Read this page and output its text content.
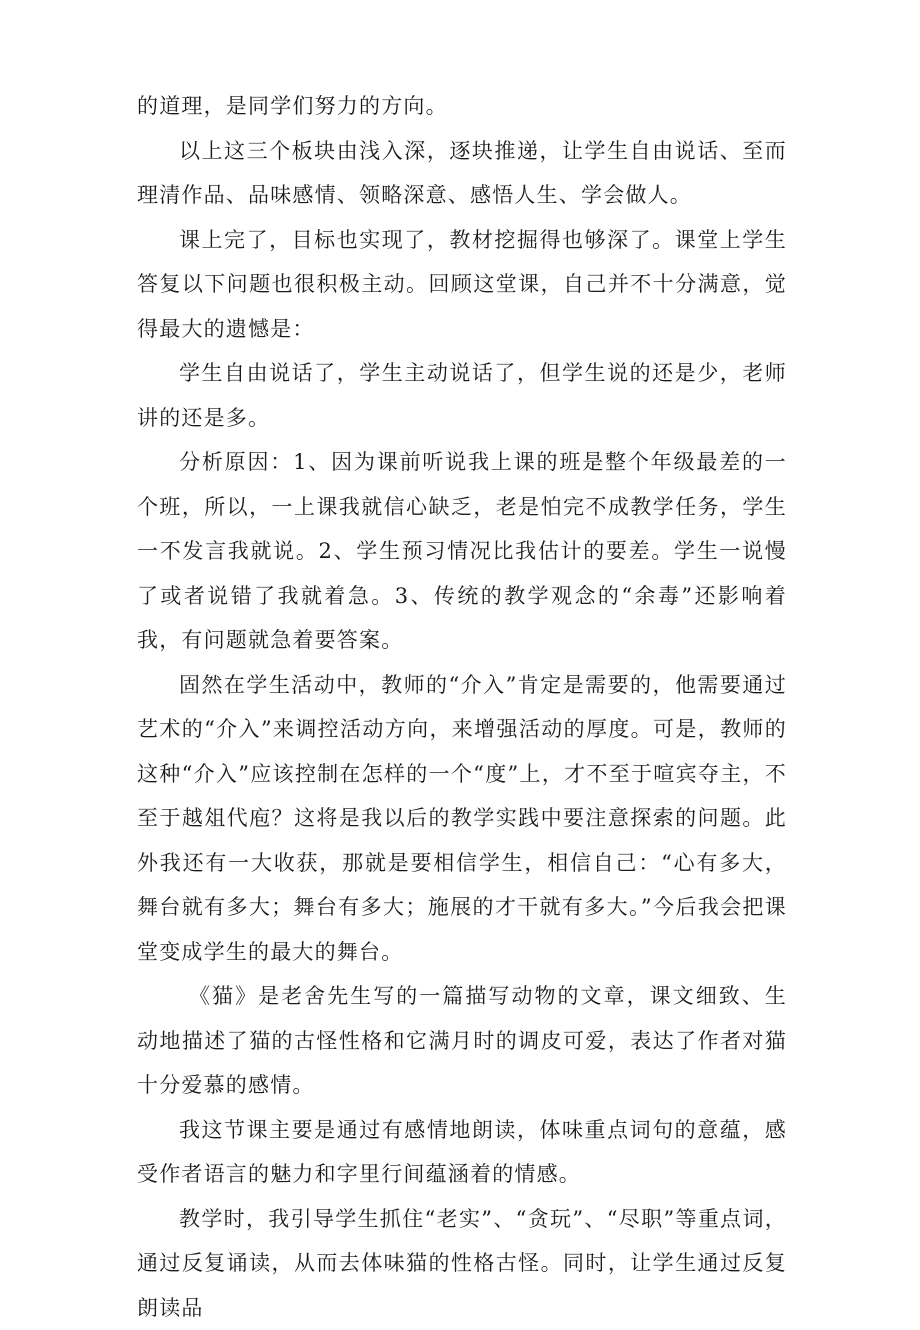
的道理，是同学们努力的方向。

以上这三个板块由浅入深，逐块推递，让学生自由说话、至而理清作品、品味感情、领略深意、感悟人生、学会做人。

课上完了，目标也实现了，教材挖掘得也够深了。课堂上学生答复以下问题也很积极主动。回顾这堂课，自己并不十分满意，觉得最大的遗憾是：

学生自由说话了，学生主动说话了，但学生说的还是少，老师讲的还是多。

分析原因：1、因为课前听说我上课的班是整个年级最差的一个班，所以，一上课我就信心缺乏，老是怕完不成教学任务，学生一不发言我就说。2、学生预习情况比我估计的要差。学生一说慢了或者说错了我就着急。3、传统的教学观念的“余毒”还影响着我，有问题就急着要答案。

固然在学生活动中，教师的“介入”肯定是需要的，他需要通过艺术的“介入”来调控活动方向，来增强活动的厚度。可是，教师的这种“介入”应该控制在怎样的一个“度”上，才不至于喧宾夺主，不至于越俎代庖？这将是我以后的教学实践中要注意探索的问题。此外我还有一大收获，那就是要相信学生，相信自己：“心有多大，舞台就有多大；舞台有多大；施展的才干就有多大。”今后我会把课堂变成学生的最大的舞台。

《猫》是老舍先生写的一篇描写动物的文章，课文细致、生动地描述了猫的古怪性格和它满月时的调皮可爱，表达了作者对猫十分爱慕的感情。

我这节课主要是通过有感情地朗读，体味重点词句的意蕴，感受作者语言的魅力和字里行间蕴涵着的情感。

教学时，我引导学生抓住“老实”、“贪玩”、“尽职”等重点词，通过反复诵读，从而去体味猫的性格古怪。同时，让学生通过反复朗读品
